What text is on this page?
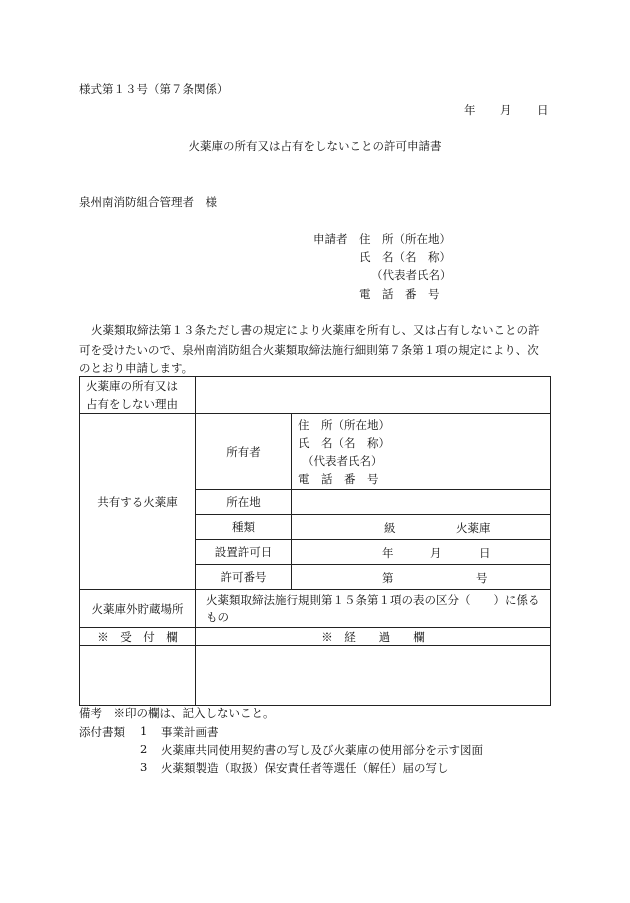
様式第１３号（第７条関係）
年 月 日
火薬庫の所有又は占有をしないことの許可申請書
泉州南消防組合管理者　様
申請者 住　所（所在地）
氏　名（名　称）
（代表者氏名）
電　話　番　号
火薬類取締法第１３条ただし書の規定により火薬庫を所有し、又は占有しないことの許
可を受けたいので、泉州南消防組合火薬類取締法施行細則第７条第１項の規定により、次
のとおり申請します。
火薬庫の所有又は
占有をしない理由		

共有する火薬庫	所有者	住　所（所在地）
氏　名（名　称）
（代表者氏名）
電　話　番　号

	所在地	
	種類	級 火薬庫

	設置許可日	年 月 日

	許可番号	第 号

火薬庫外貯蔵場所	火薬類取締法施行規則第１５条第１項の表の区分（　　）に係るもの	
※　受　付　欄	※　経　　過　　欄	

備考　※印の欄は、記入しないこと。
添付書類 1 事業計画書
2 火薬庫共同使用契約書の写し及び火薬庫の使用部分を示す図面
3 火薬類製造（取扱）保安責任者等選任（解任）届の写し
